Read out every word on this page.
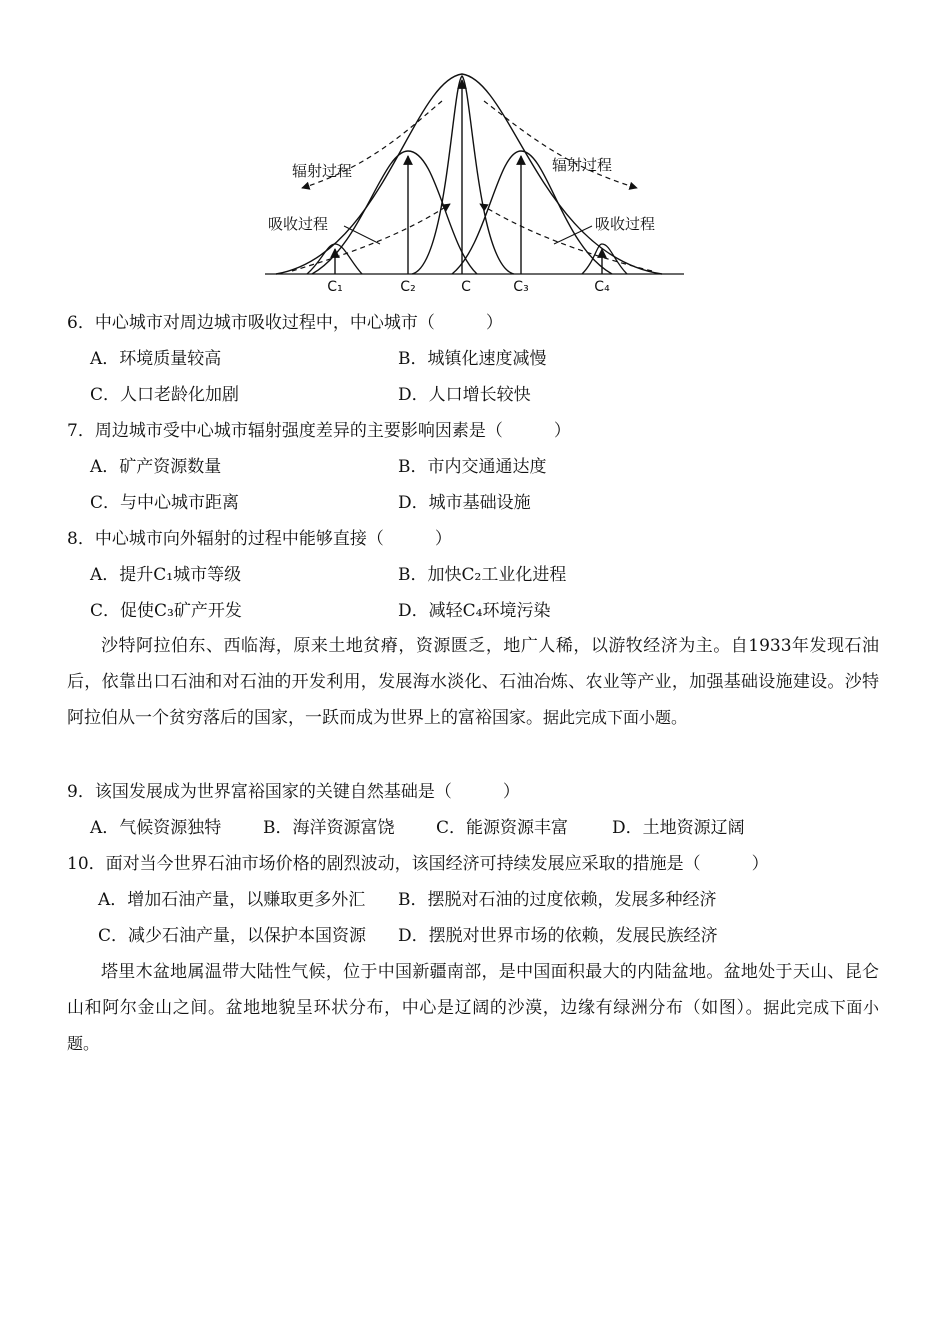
辐射过程	辐射过程
吸收过程	吸收过程
C₁	C₂	C	C₃	C₄
6．中心城市对周边城市吸收过程中，中心城市（　　　）
A．环境质量较高	B．城镇化速度减慢
C．人口老龄化加剧	D．人口增长较快
7．周边城市受中心城市辐射强度差异的主要影响因素是（　　　）
A．矿产资源数量	B．市内交通通达度
C．与中心城市距离	D．城市基础设施
8．中心城市向外辐射的过程中能够直接（　　　）
A．提升C₁城市等级	B．加快C₂工业化进程
C．促使C₃矿产开发	D．减轻C₄环境污染
沙特阿拉伯东、西临海，原来土地贫瘠，资源匮乏，地广人稀，以游牧经济为主。自1933年发现石油后，依靠出口石油和对石油的开发利用，发展海水淡化、石油冶炼、农业等产业，加强基础设施建设。沙特阿拉伯从一个贫穷落后的国家，一跃而成为世界上的富裕国家。据此完成下面小题。
9．该国发展成为世界富裕国家的关键自然基础是（　　　）
A．气候资源独特 B．海洋资源富饶 C．能源资源丰富	D．土地资源辽阔
10．面对当今世界石油市场价格的剧烈波动，该国经济可持续发展应采取的措施是（　　　）
A．增加石油产量，以赚取更多外汇 B．摆脱对石油的过度依赖，发展多种经济
C．减少石油产量，以保护本国资源 D．摆脱对世界市场的依赖，发展民族经济
塔里木盆地属温带大陆性气候，位于中国新疆南部，是中国面积最大的内陆盆地。盆地处于天山、昆仑山和阿尔金山之间。盆地地貌呈环状分布，中心是辽阔的沙漠，边缘有绿洲分布（如图）。据此完成下面小题。
